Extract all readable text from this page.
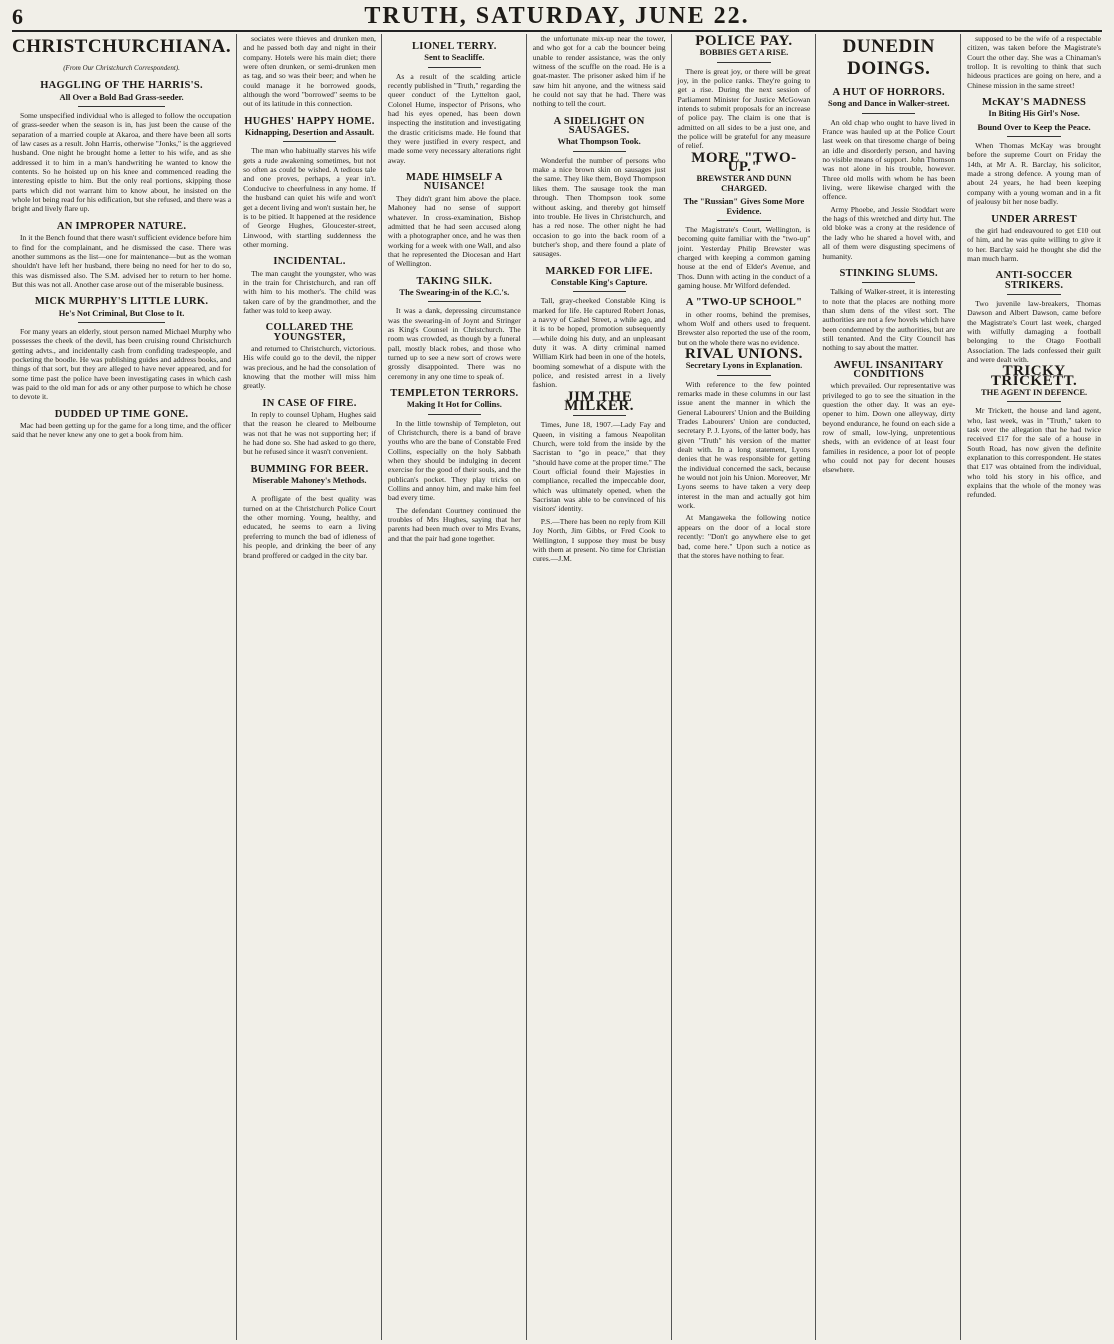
6	TRUTH, SATURDAY, JUNE 22.
CHRISTCHURCHIANA.
(From Our Christchurch Correspondent).
HAGGLING OF THE HARRIS'S.
All Over a Bold Bad Grass-seeder.

Some unspecified individual who is alleged to follow the occupation of grass-seeder when the season is in, has just been the cause of the separation of a married couple at Akaroa, and there have been all sorts of law cases as a result. John Harris, otherwise "Jonks," is the aggrieved husband. One night he brought home a letter to his wife, and as she addressed it to him in a man's handwriting he wanted to know the contents. So he hoisted up on his knee and commenced reading the interesting epistle to him. But the only real portions, skipping those parts which did not warrant him to know about, he insisted on the whole lot being read for his edification, but she refused, and there was a bright and lively flare up.

AN IMPROPER NATURE.

In it the Bench found that there wasn't sufficient evidence before him to find for the complainant, and he dismissed the case. There was another summons as the list—one for maintenance—but as the woman shouldn't have left her husband, there being no need for her to do so, this was dismissed also. The S.M. advised her to return to her home. But this was not all. Another case arose out of the miserable business.

MICK MURPHY'S LITTLE LURK.
He's Not Criminal, But Close to It.

For many years an elderly, stout person named Michael Murphy who possesses the cheek of the devil, has been cruising round Christchurch getting advts., and incidentally cash from confiding tradespeople, and pocketing the boodle. He was publishing guides and address books, and things of that sort, but they are alleged to have never appeared, and for some time past the police have been investigating cases in which cash was paid to the old man for ads or any other purpose to which he chose to devote it.

DUDDED UP TIME GONE.

Mac had been getting up for the game for a long time, and the officer said that he never knew any one to get a book from him.

sociates were thieves and drunken men, and he passed both day and night in their company. Hotels were his main diet; there were often drunken, or semi-drunken men as tag, and so was their beer; and when he could manage it he borrowed goods, although the word "borrowed" seems to be out of its latitude in this connection.

HUGHES' HAPPY HOME.
Kidnapping, Desertion and Assault.

The man who habitually starves his wife gets a rude awakening sometimes, but not so often as could be wished. A tedious tale and one proves, perhaps, a year in't. Conducive to cheerfulness in any home. If the husband can quiet his wife and won't get a decent living and won't sustain her, he is to be pitied. It happened at the residence of George Hughes, Gloucester-street, Linwood, with startling suddenness the other morning.

INCIDENTAL.

The man caught the youngster, who was in the train for Christchurch, and ran off with him to his mother's. The child was taken care of by the grandmother, and the father was told to keep away.

COLLARED THE YOUNGSTER,

and returned to Christchurch, victorious. His wife could go to the devil, the nipper was precious, and he had the consolation of knowing that the mother will miss him greatly.

IN CASE OF FIRE.

In reply to counsel Upham, Hughes said that the reason he cleared to Melbourne was not that he was not supporting her; if he had done so. She had asked to go there, but he refused since it wasn't convenient.

BUMMING FOR BEER.
Miserable Mahoney's Methods.

A profligate of the best quality was turned on at the Christchurch Police Court the other morning. Young, healthy, and educated, he seems to earn a living preferring to munch the bad of idleness of his people, and drinking the beer of any brand proffered or cadged in the city bar.

LIONEL TERRY.
Sent to Seacliffe.

As a result of the scalding article recently published in "Truth," regarding the queer conduct of the Lyttelton gaol, Colonel Hume, inspector of Prisons, who had his eyes opened, has been down inspecting the institution and investigating the drastic criticisms made. He found that they were justified in every respect, and made some very necessary alterations right away.

MADE HIMSELF A NUISANCE!

They didn't grant him above the place. Mahoney had no sense of support whatever. In cross-examination, Bishop admitted that he had seen accused along with a photographer once, and he was then working for a week with one Wall, and also that he represented the Diocesan and Hart of Wellington.

TAKING SILK.
The Swearing-in of the K.C.'s.

It was a dank, depressing circumstance was the swearing-in of Joynt and Stringer as King's Counsel in Christchurch. The room was crowded, as though by a funeral pall, mostly black robes, and those who turned up to see a new sort of crows were grossly disappointed. There was no ceremony in any one time to speak of.

TEMPLETON TERRORS.
Making It Hot for Collins.

In the little township of Templeton, out of Christchurch, there is a band of brave youths who are the bane of Constable Fred Collins, especially on the holy Sabbath when they should be indulging in decent exercise for the good of their souls, and the publican's pocket. They play tricks on Collins and annoy him, and make him feel bad every time.

The defendant Courtney continued the troubles of Mrs Hughes, saying that her parents had been much over to Mrs Evans, and that the pair had gone together.

the unfortunate mix-up near the tower, and who got for a cab the bouncer being unable to render assistance, was the only witness of the scuffle on the road. He is a goat-master. The prisoner asked him if he saw him hit anyone, and the witness said he could not say that he had. There was nothing to tell the court.

A SIDELIGHT ON SAUSAGES.
What Thompson Took.

Wonderful the number of persons who make a nice brown skin on sausages just the same. They like them, Boyd Thompson likes them. The sausage took the man through. Then Thompson took some without asking, and thereby got himself into trouble. He lives in Christchurch, and has a red nose. The other night he had occasion to go into the back room of a butcher's shop, and there found a plate of sausages.

MARKED FOR LIFE.
Constable King's Capture.

Tall, gray-cheeked Constable King is marked for life. He captured Robert Jonas, a navvy of Cashel Street, a while ago, and it is to be hoped, promotion subsequently—while doing his duty, and an unpleasant duty it was. A dirty criminal named William Kirk had been in one of the hotels, booming somewhat of a dispute with the police, and resisted arrest in a lively fashion.

JIM THE MILKER.

Times, June 18, 1907.—Lady Fay and Queen, in visiting a famous Neapolitan Church, were told from the inside by the Sacristan to "go in peace," that they "should have come at the proper time." The Court official found their Majesties in compliance, recalled the impeccable door, which was ultimately opened, when the Sacristan was able to be convinced of his visitors' identity.

P.S.—There has been no reply from Kill Joy North, Jim Gibbs, or Fred Cook to Wellington, I suppose they must be busy with them at present. No time for Christian cures.—J.M.

POLICE PAY.
BOBBIES GET A RISE.

There is great joy, or there will be great joy, in the police ranks. They're going to get a rise. During the next session of Parliament Minister for Justice McGowan intends to submit proposals for an increase of police pay. The claim is one that is admitted on all sides to be a just one, and the police will be grateful for any measure of relief.

MORE "TWO-UP."
BREWSTER AND DUNN CHARGED.
The "Russian" Gives Some More Evidence.

The Magistrate's Court, Wellington, is becoming quite familiar with the "two-up" joint. Yesterday Philip Brewster was charged with keeping a common gaming house at the end of Elder's Avenue, and Thos. Dunn with acting in the conduct of a gaming house. Mr Wilford defended.

A "TWO-UP SCHOOL"

in other rooms, behind the premises, whom Wolf and others used to frequent. Brewster also reported the use of the room, but on the whole there was no evidence.

RIVAL UNIONS.
Secretary Lyons in Explanation.

With reference to the few pointed remarks made in these columns in our last issue anent the manner in which the General Labourers' Union and the Building Trades Labourers' Union are conducted, secretary P. J. Lyons, of the latter body, has given "Truth" his version of the matter dealt with. In a long statement, Lyons denies that he was responsible for getting the individual concerned the sack, because he would not join his Union. Moreover, Mr Lyons seems to have taken a very deep interest in the man and actually got him work.

At Mangaweka the following notice appears on the door of a local store recently: "Don't go anywhere else to get bad, come here." Upon such a notice as that the stores have nothing to fear.

DUNEDIN DOINGS.
A HUT OF HORRORS.
Song and Dance in Walker-street.

An old chap who ought to have lived in France was hauled up at the Police Court last week on that tiresome charge of being an idle and disorderly person, and having no visible means of support. John Thomson was not alone in his trouble, however. Three old molls with whom he has been living, were likewise charged with the offence.

Army Phoebe, and Jessie Stoddart were the hags of this wretched and dirty hut. The old bloke was a crony at the residence of the lady who he shared a hovel with, and all of them were disgusting specimens of humanity.

STINKING SLUMS.

Talking of Walker-street, it is interesting to note that the places are nothing more than slum dens of the vilest sort. The authorities are not a few hovels which have been condemned by the authorities, but are still tenanted. And the City Council has nothing to say about the matter.

AWFUL INSANITARY CONDITIONS

which prevailed. Our representative was privileged to go to see the situation in the question the other day. It was an eye-opener to him. Down one alleyway, dirty beyond endurance, he found on each side a row of small, low-lying, unpretentious sheds, with an evidence of at least four families in residence, a poor lot of people who could not pay for decent houses elsewhere.

supposed to be the wife of a respectable citizen, was taken before the Magistrate's Court the other day. She was a Chinaman's trollop. It is revolting to think that such hideous practices are going on here, and a Chinese mission in the same street!

McKAY'S MADNESS
In Biting His Girl's Nose.
Bound Over to Keep the Peace.

When Thomas McKay was brought before the supreme Court on Friday the 14th, at Mr A. R. Barclay, his solicitor, made a strong defence. A young man of about 24 years, he had been keeping company with a young woman and in a fit of jealousy bit her nose badly.

UNDER ARREST

the girl had endeavoured to get £10 out of him, and he was quite willing to give it to her. Barclay said he thought she did the man much harm.

ANTI-SOCCER STRIKERS.

Two juvenile law-breakers, Thomas Dawson and Albert Dawson, came before the Magistrate's Court last week, charged with wilfully damaging a football belonging to the Otago Football Association. The lads confessed their guilt and were dealt with.

TRICKY TRICKETT.
THE AGENT IN DEFENCE.

Mr Trickett, the house and land agent, who, last week, was in "Truth," taken to task over the allegation that he had twice received £17 for the sale of a house in South Road, has now given the definite explanation to this correspondent. He states that £17 was obtained from the individual, who told his story in his office, and explains that the whole of the money was refunded.
